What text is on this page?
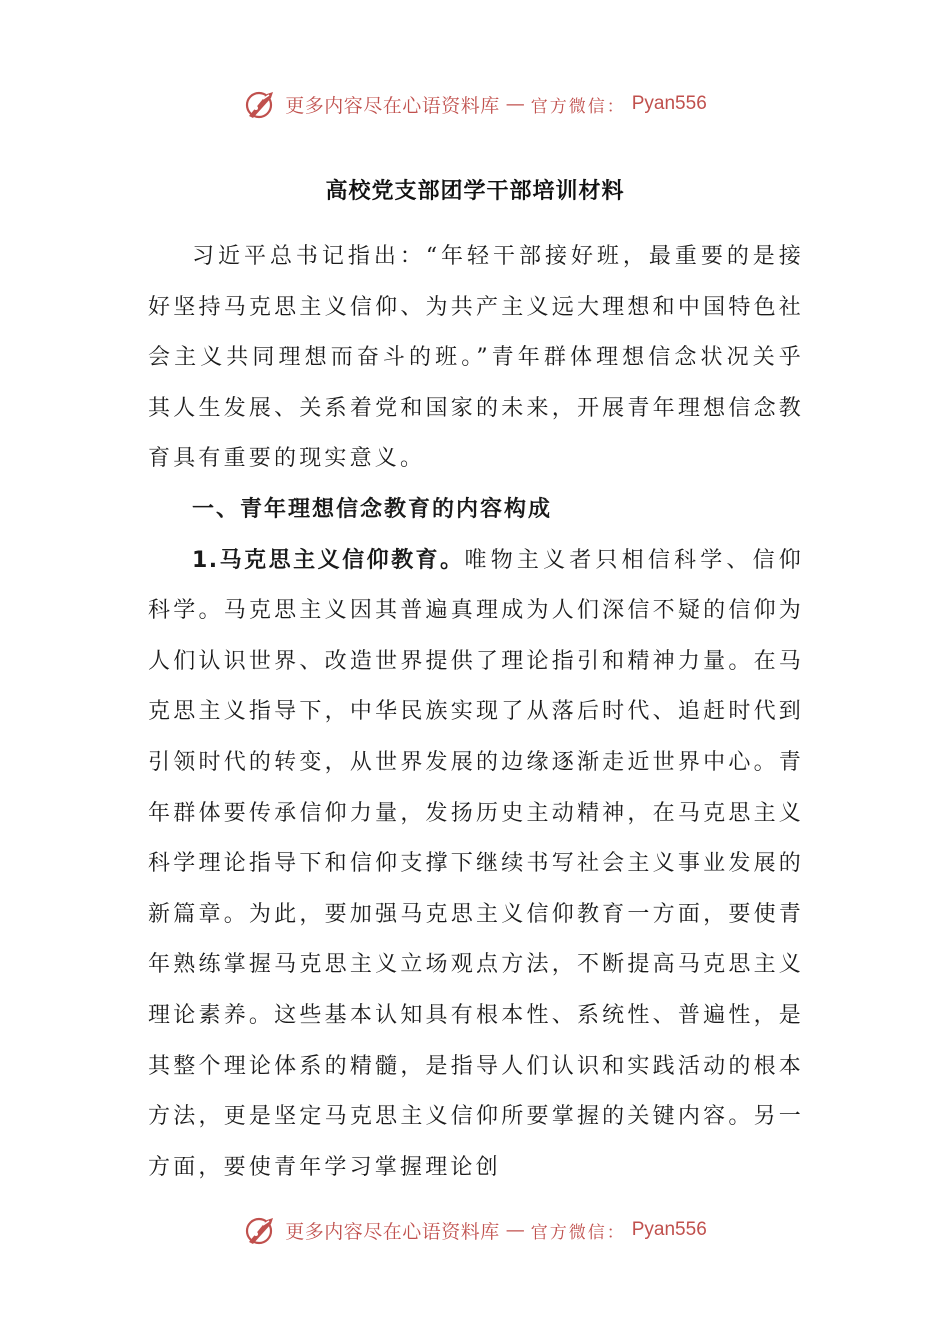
更多内容尽在心语资料库 — 官方微信： Pyan556
高校党支部团学干部培训材料

习近平总书记指出：“年轻干部接好班，最重要的是接好坚持马克思主义信仰、为共产主义远大理想和中国特色社会主义共同理想而奋斗的班。”青年群体理想信念状况关乎其人生发展、关系着党和国家的未来，开展青年理想信念教育具有重要的现实意义。

一、青年理想信念教育的内容构成

1.马克思主义信仰教育。唯物主义者只相信科学、信仰科学。马克思主义因其普遍真理成为人们深信不疑的信仰为人们认识世界、改造世界提供了理论指引和精神力量。在马克思主义指导下，中华民族实现了从落后时代、追赶时代到引领时代的转变，从世界发展的边缘逐渐走近世界中心。青年群体要传承信仰力量，发扬历史主动精神，在马克思主义科学理论指导下和信仰支撑下继续书写社会主义事业发展的新篇章。为此，要加强马克思主义信仰教育一方面，要使青年熟练掌握马克思主义立场观点方法，不断提高马克思主义理论素养。这些基本认知具有根本性、系统性、普遍性，是其整个理论体系的精髓，是指导人们认识和实践活动的根本方法，更是坚定马克思主义信仰所要掌握的关键内容。另一方面，要使青年学习掌握理论创

更多内容尽在心语资料库 — 官方微信： Pyan556
